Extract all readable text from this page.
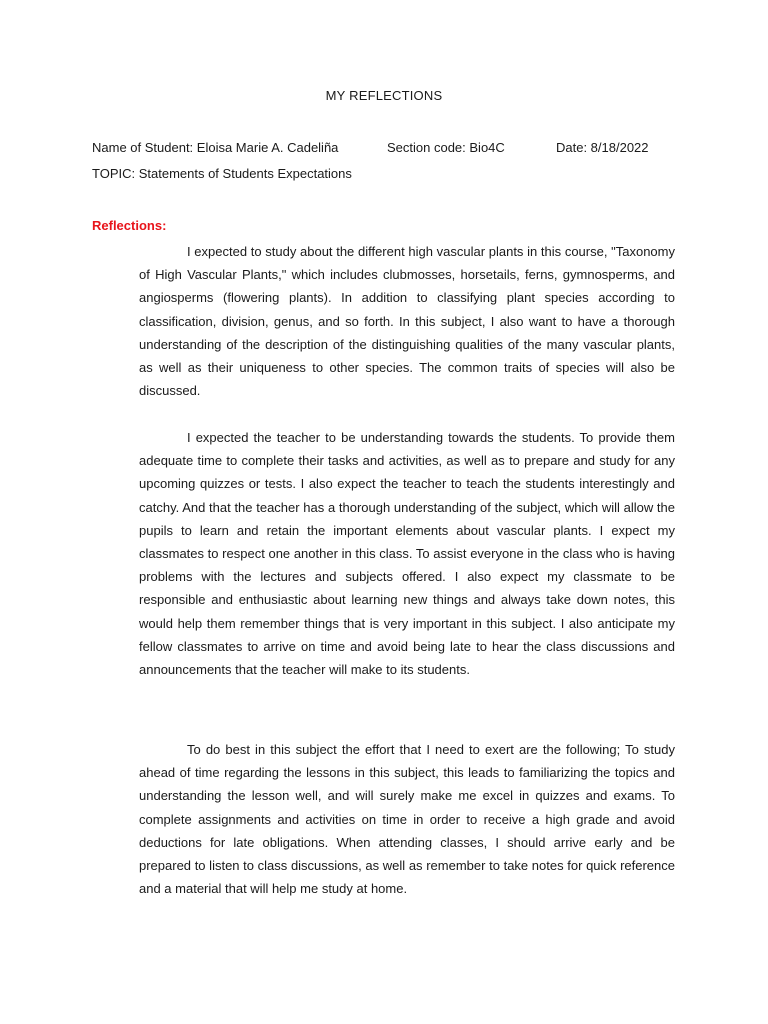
MY REFLECTIONS
Name of Student: Eloisa Marie A. Cadeliña	Section code: Bio4C	Date: 8/18/2022
TOPIC: Statements of Students Expectations
Reflections:

I expected to study about the different high vascular plants in this course, "Taxonomy of High Vascular Plants," which includes clubmosses, horsetails, ferns, gymnosperms, and angiosperms (flowering plants). In addition to classifying plant species according to classification, division, genus, and so forth. In this subject, I also want to have a thorough understanding of the description of the distinguishing qualities of the many vascular plants, as well as their uniqueness to other species. The common traits of species will also be discussed.

I expected the teacher to be understanding towards the students. To provide them adequate time to complete their tasks and activities, as well as to prepare and study for any upcoming quizzes or tests. I also expect the teacher to teach the students interestingly and catchy. And that the teacher has a thorough understanding of the subject, which will allow the pupils to learn and retain the important elements about vascular plants. I expect my classmates to respect one another in this class. To assist everyone in the class who is having problems with the lectures and subjects offered. I also expect my classmate to be responsible and enthusiastic about learning new things and always take down notes, this would help them remember things that is very important in this subject. I also anticipate my fellow classmates to arrive on time and avoid being late to hear the class discussions and announcements that the teacher will make to its students.

To do best in this subject the effort that I need to exert are the following; To study ahead of time regarding the lessons in this subject, this leads to familiarizing the topics and understanding the lesson well, and will surely make me excel in quizzes and exams. To complete assignments and activities on time in order to receive a high grade and avoid deductions for late obligations. When attending classes, I should arrive early and be prepared to listen to class discussions, as well as remember to take notes for quick reference and a material that will help me study at home.
